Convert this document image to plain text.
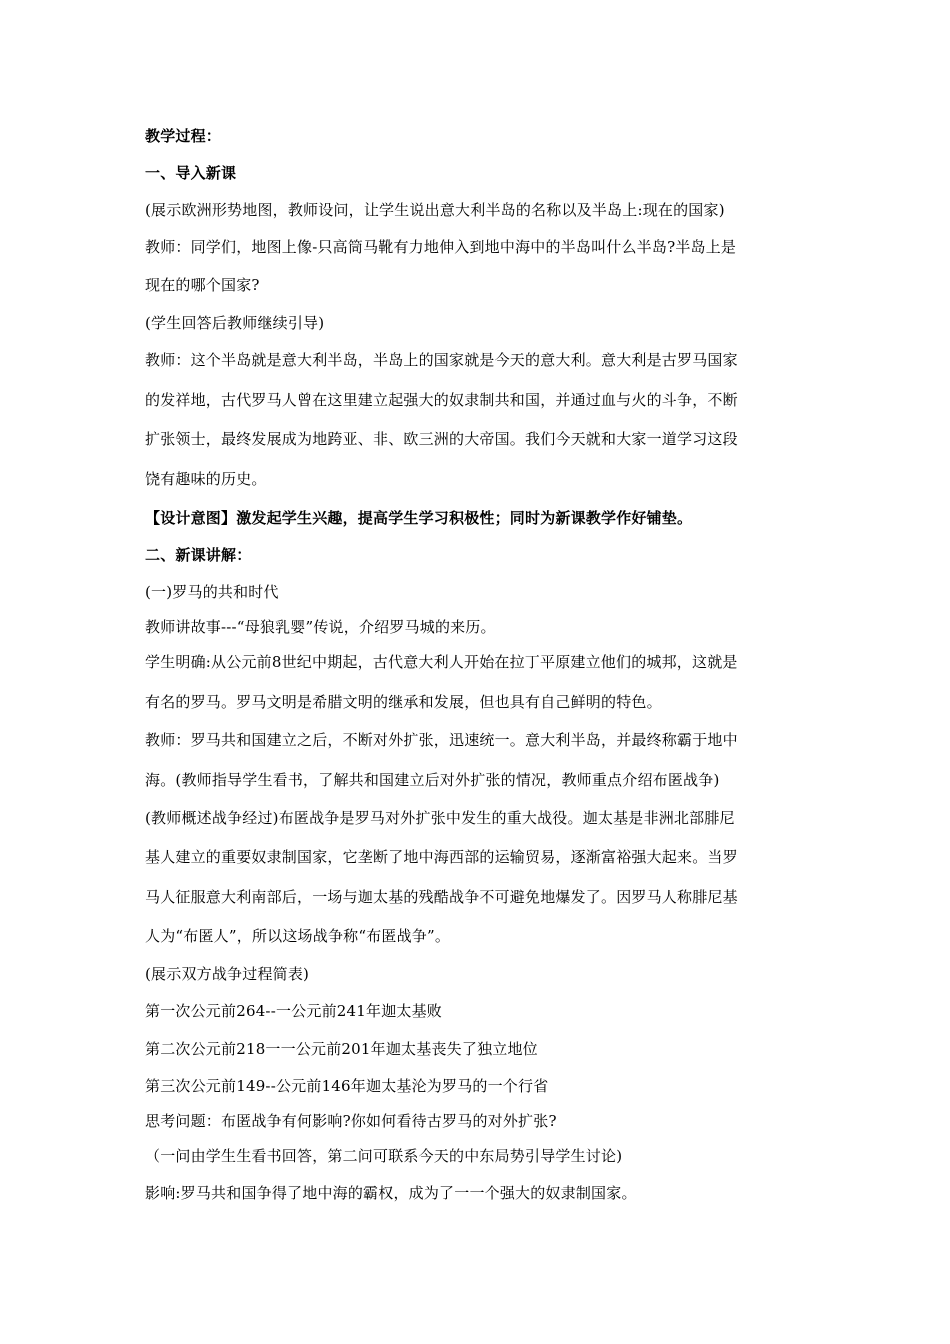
教学过程：
一、导入新课
(展示欧洲形势地图，教师设问，让学生说出意大利半岛的名称以及半岛上:现在的国家)
教师：同学们，地图上像-只高筒马靴有力地伸入到地中海中的半岛叫什么半岛?半岛上是
现在的哪个国家?
(学生回答后教师继续引导)
教师：这个半岛就是意大利半岛，半岛上的国家就是今天的意大利。意大利是古罗马国家
的发祥地，古代罗马人曾在这里建立起强大的奴隶制共和国，并通过血与火的斗争，不断
扩张领士，最终发展成为地跨亚、非、欧三洲的大帝国。我们今天就和大家一道学习这段
饶有趣味的历史。
【设计意图】激发起学生兴趣，提高学生学习积极性；同时为新课教学作好铺垫。
二、新课讲解：
(一)罗马的共和时代
教师讲故事---“母狼乳婴”传说，介绍罗马城的来历。
学生明确:从公元前8世纪中期起，古代意大利人开始在拉丁平原建立他们的城邦，这就是
有名的罗马。罗马文明是希腊文明的继承和发展，但也具有自己鲜明的特色。
教师：罗马共和国建立之后，不断对外扩张，迅速统一。意大利半岛，并最终称霸于地中
海。(教师指导学生看书，了解共和国建立后对外扩张的情况，教师重点介绍布匿战争)
(教师概述战争经过)布匿战争是罗马对外扩张中发生的重大战役。迦太基是非洲北部腓尼
基人建立的重要奴隶制国家，它垄断了地中海西部的运输贸易，逐渐富裕强大起来。当罗
马人征服意大利南部后，一场与迦太基的残酷战争不可避免地爆发了。因罗马人称腓尼基
人为“布匿人”，所以这场战争称“布匿战争”。
(展示双方战争过程简表)
第一次公元前264--一公元前241年迦太基败
第二次公元前218一一公元前201年迦太基丧失了独立地位
第三次公元前149--公元前146年迦太基沦为罗马的一个行省
思考问题：布匿战争有何影响?你如何看待古罗马的对外扩张?
（一问由学生生看书回答，第二问可联系今天的中东局势引导学生讨论)
影响:罗马共和国争得了地中海的霸权，成为了一一个强大的奴隶制国家。
